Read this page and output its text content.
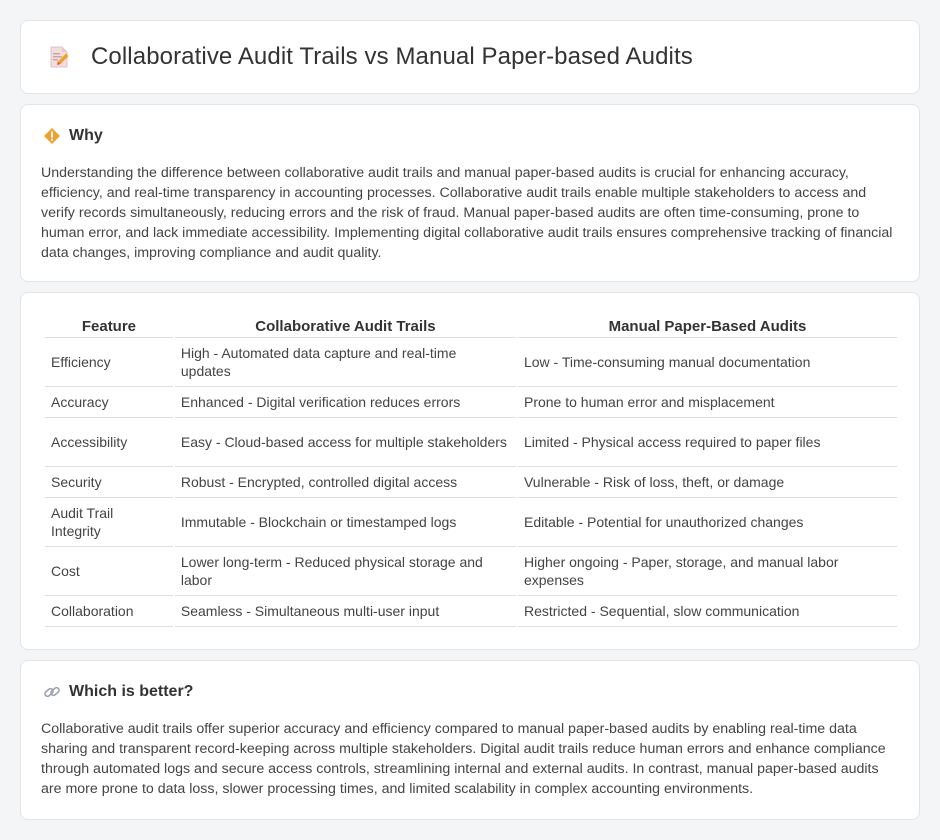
Collaborative Audit Trails vs Manual Paper-based Audits
Why

Understanding the difference between collaborative audit trails and manual paper-based audits is crucial for enhancing accuracy, efficiency, and real-time transparency in accounting processes. Collaborative audit trails enable multiple stakeholders to access and verify records simultaneously, reducing errors and the risk of fraud. Manual paper-based audits are often time-consuming, prone to human error, and lack immediate accessibility. Implementing digital collaborative audit trails ensures comprehensive tracking of financial data changes, improving compliance and audit quality.

Feature	Collaborative Audit Trails	Manual Paper-Based Audits
Efficiency	High - Automated data capture and real-time updates	Low - Time-consuming manual documentation
Accuracy	Enhanced - Digital verification reduces errors	Prone to human error and misplacement
Accessibility	Easy - Cloud-based access for multiple stakeholders	Limited - Physical access required to paper files
Security	Robust - Encrypted, controlled digital access	Vulnerable - Risk of loss, theft, or damage
Audit Trail Integrity	Immutable - Blockchain or timestamped logs	Editable - Potential for unauthorized changes
Cost	Lower long-term - Reduced physical storage and labor	Higher ongoing - Paper, storage, and manual labor expenses
Collaboration	Seamless - Simultaneous multi-user input	Restricted - Sequential, slow communication
Which is better?

Collaborative audit trails offer superior accuracy and efficiency compared to manual paper-based audits by enabling real-time data sharing and transparent record-keeping across multiple stakeholders. Digital audit trails reduce human errors and enhance compliance through automated logs and secure access controls, streamlining internal and external audits. In contrast, manual paper-based audits are more prone to data loss, slower processing times, and limited scalability in complex accounting environments.
